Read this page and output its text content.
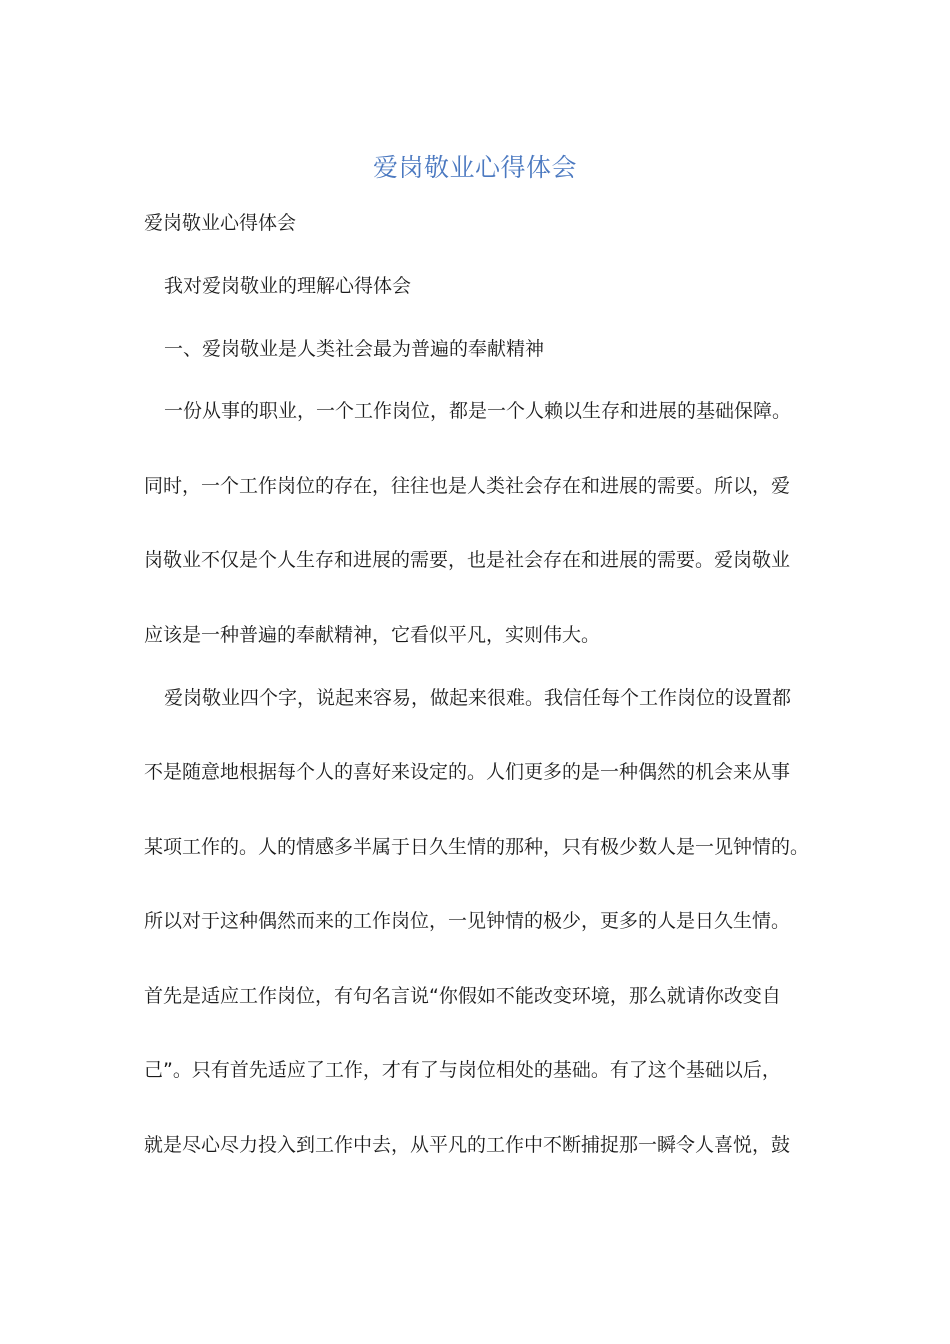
爱岗敬业心得体会
爱岗敬业心得体会
我对爱岗敬业的理解心得体会
一、爱岗敬业是人类社会最为普遍的奉献精神
一份从事的职业，一个工作岗位，都是一个人赖以生存和进展的基础保障。
同时，一个工作岗位的存在，往往也是人类社会存在和进展的需要。所以，爱
岗敬业不仅是个人生存和进展的需要，也是社会存在和进展的需要。爱岗敬业
应该是一种普遍的奉献精神，它看似平凡，实则伟大。
爱岗敬业四个字，说起来容易，做起来很难。我信任每个工作岗位的设置都
不是随意地根据每个人的喜好来设定的。人们更多的是一种偶然的机会来从事
某项工作的。人的情感多半属于日久生情的那种，只有极少数人是一见钟情的。
所以对于这种偶然而来的工作岗位，一见钟情的极少，更多的人是日久生情。
首先是适应工作岗位，有句名言说“你假如不能改变环境，那么就请你改变自
己”。只有首先适应了工作，才有了与岗位相处的基础。有了这个基础以后，
就是尽心尽力投入到工作中去，从平凡的工作中不断捕捉那一瞬令人喜悦，鼓
